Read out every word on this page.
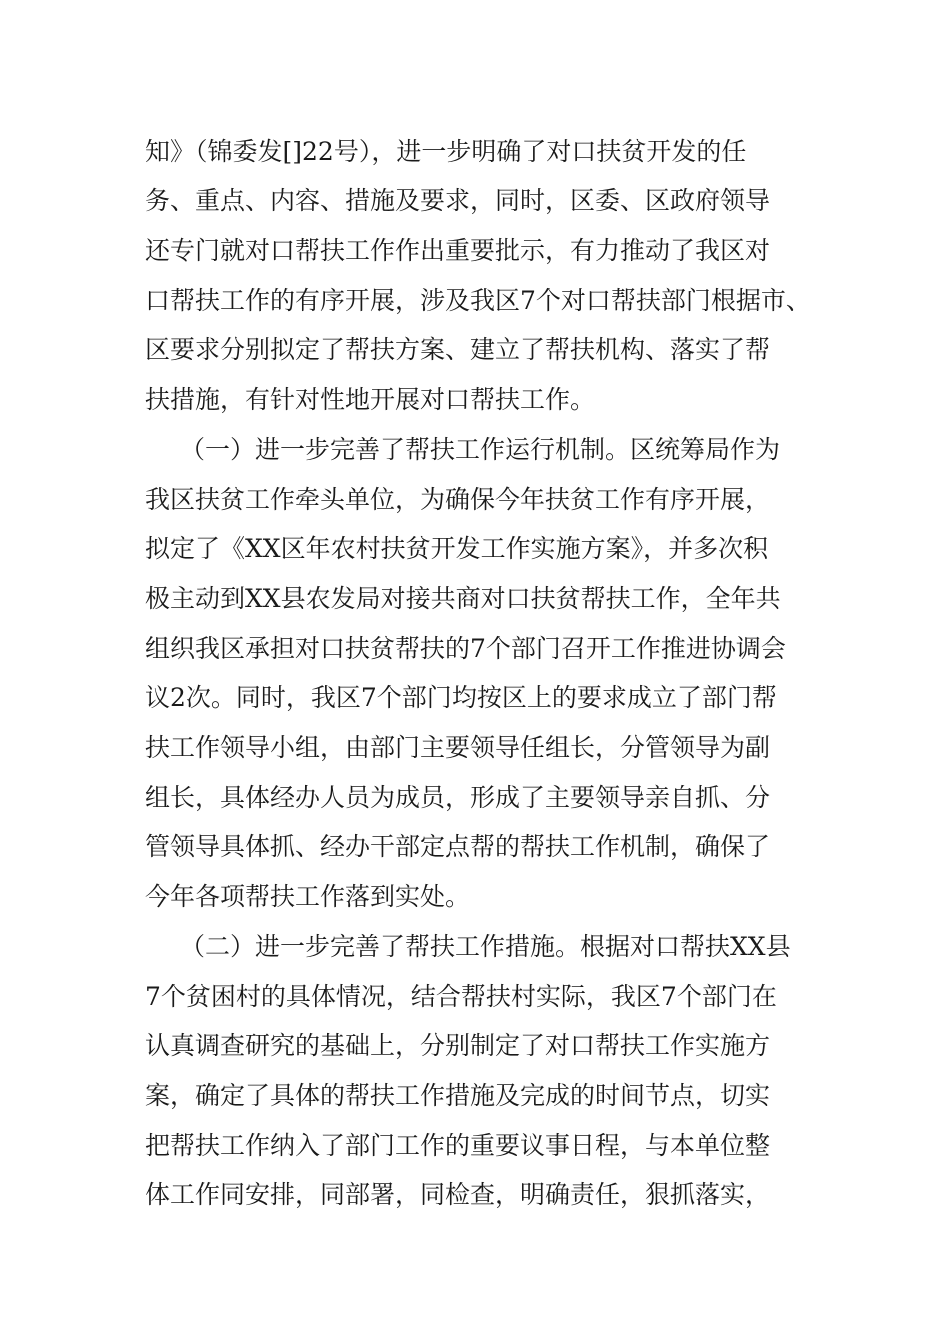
知》（锦委发[]22号），进一步明确了对口扶贫开发的任
务、重点、内容、措施及要求，同时，区委、区政府领导
还专门就对口帮扶工作作出重要批示，有力推动了我区对
口帮扶工作的有序开展，涉及我区7个对口帮扶部门根据市、
区要求分别拟定了帮扶方案、建立了帮扶机构、落实了帮
扶措施，有针对性地开展对口帮扶工作。
（一）进一步完善了帮扶工作运行机制。区统筹局作为
我区扶贫工作牵头单位，为确保今年扶贫工作有序开展，
拟定了《XX区年农村扶贫开发工作实施方案》，并多次积
极主动到XX县农发局对接共商对口扶贫帮扶工作，全年共
组织我区承担对口扶贫帮扶的7个部门召开工作推进协调会
议2次。同时，我区7个部门均按区上的要求成立了部门帮
扶工作领导小组，由部门主要领导任组长，分管领导为副
组长，具体经办人员为成员，形成了主要领导亲自抓、分
管领导具体抓、经办干部定点帮的帮扶工作机制，确保了
今年各项帮扶工作落到实处。
（二）进一步完善了帮扶工作措施。根据对口帮扶XX县
7个贫困村的具体情况，结合帮扶村实际，我区7个部门在
认真调查研究的基础上，分别制定了对口帮扶工作实施方
案，确定了具体的帮扶工作措施及完成的时间节点，切实
把帮扶工作纳入了部门工作的重要议事日程，与本单位整
体工作同安排，同部署，同检查，明确责任，狠抓落实，
